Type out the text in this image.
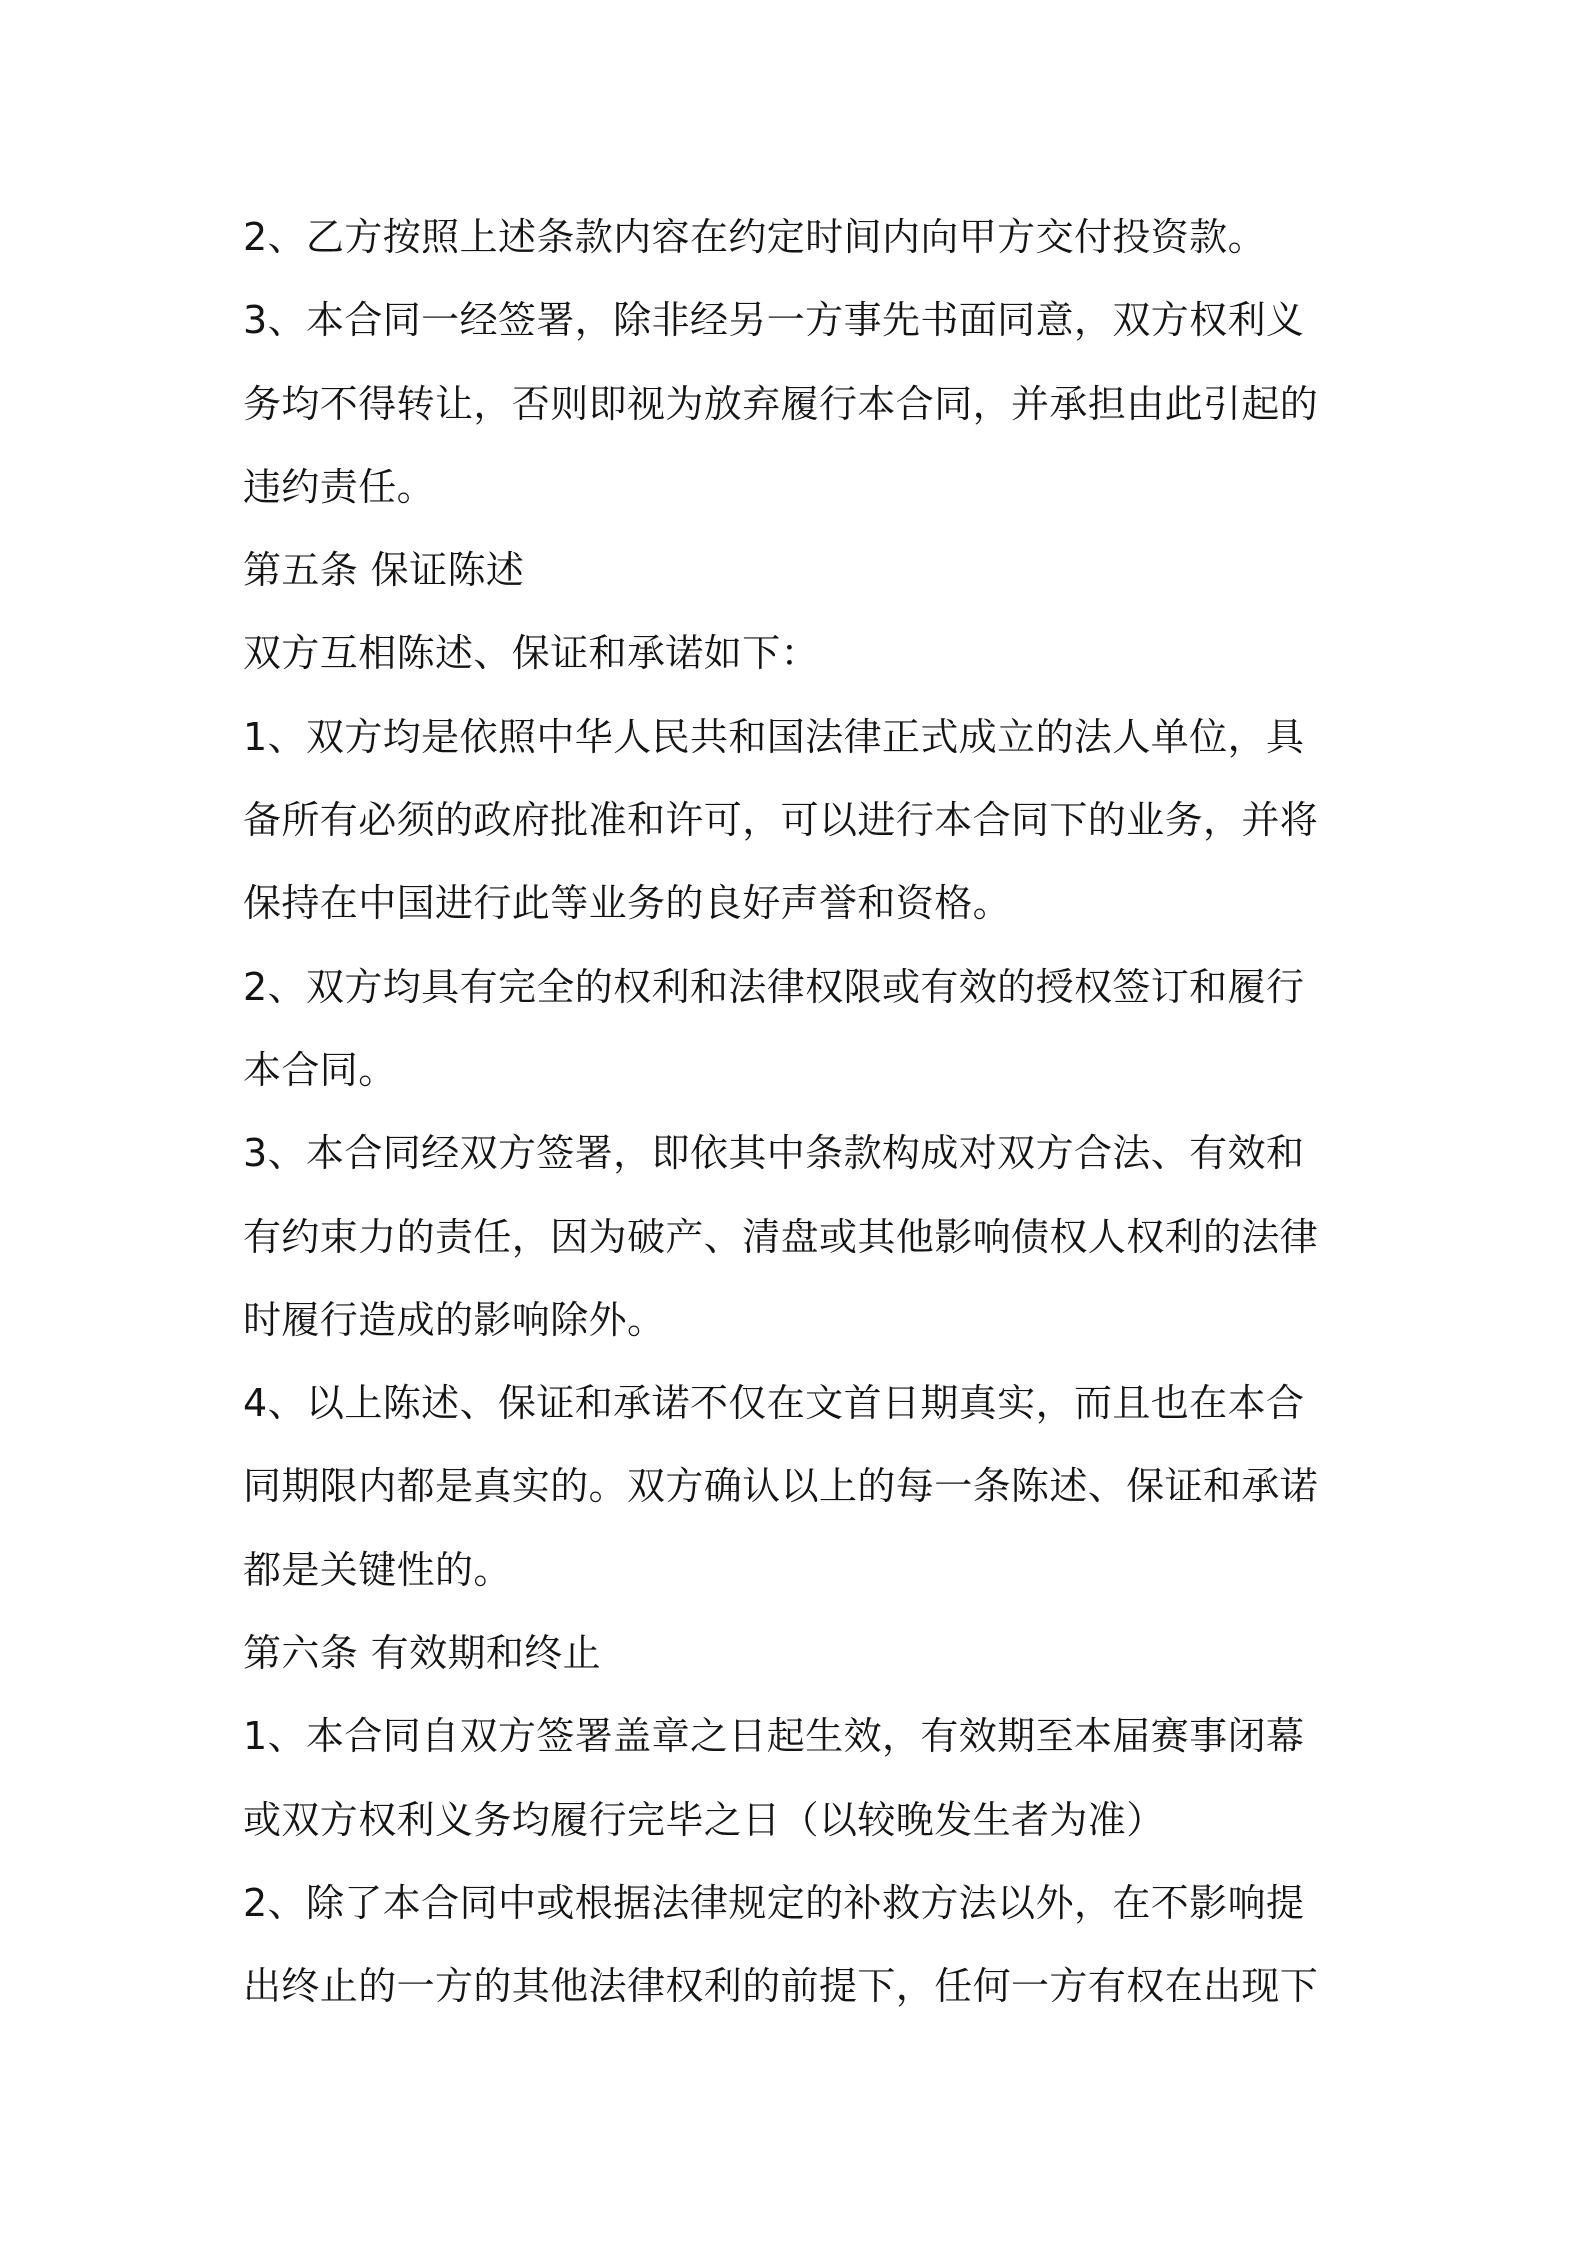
2、乙方按照上述条款内容在约定时间内向甲方交付投资款。
3、本合同一经签署，除非经另一方事先书面同意，双方权利义
务均不得转让，否则即视为放弃履行本合同，并承担由此引起的
违约责任。
第五条 保证陈述
双方互相陈述、保证和承诺如下：
1、双方均是依照中华人民共和国法律正式成立的法人单位，具
备所有必须的政府批准和许可，可以进行本合同下的业务，并将
保持在中国进行此等业务的良好声誉和资格。
2、双方均具有完全的权利和法律权限或有效的授权签订和履行
本合同。
3、本合同经双方签署，即依其中条款构成对双方合法、有效和
有约束力的责任，因为破产、清盘或其他影响债权人权利的法律
时履行造成的影响除外。
4、以上陈述、保证和承诺不仅在文首日期真实，而且也在本合
同期限内都是真实的。双方确认以上的每一条陈述、保证和承诺
都是关键性的。
第六条 有效期和终止
1、本合同自双方签署盖章之日起生效，有效期至本届赛事闭幕
或双方权利义务均履行完毕之日（以较晚发生者为准）
2、除了本合同中或根据法律规定的补救方法以外，在不影响提
出终止的一方的其他法律权利的前提下，任何一方有权在出现下
